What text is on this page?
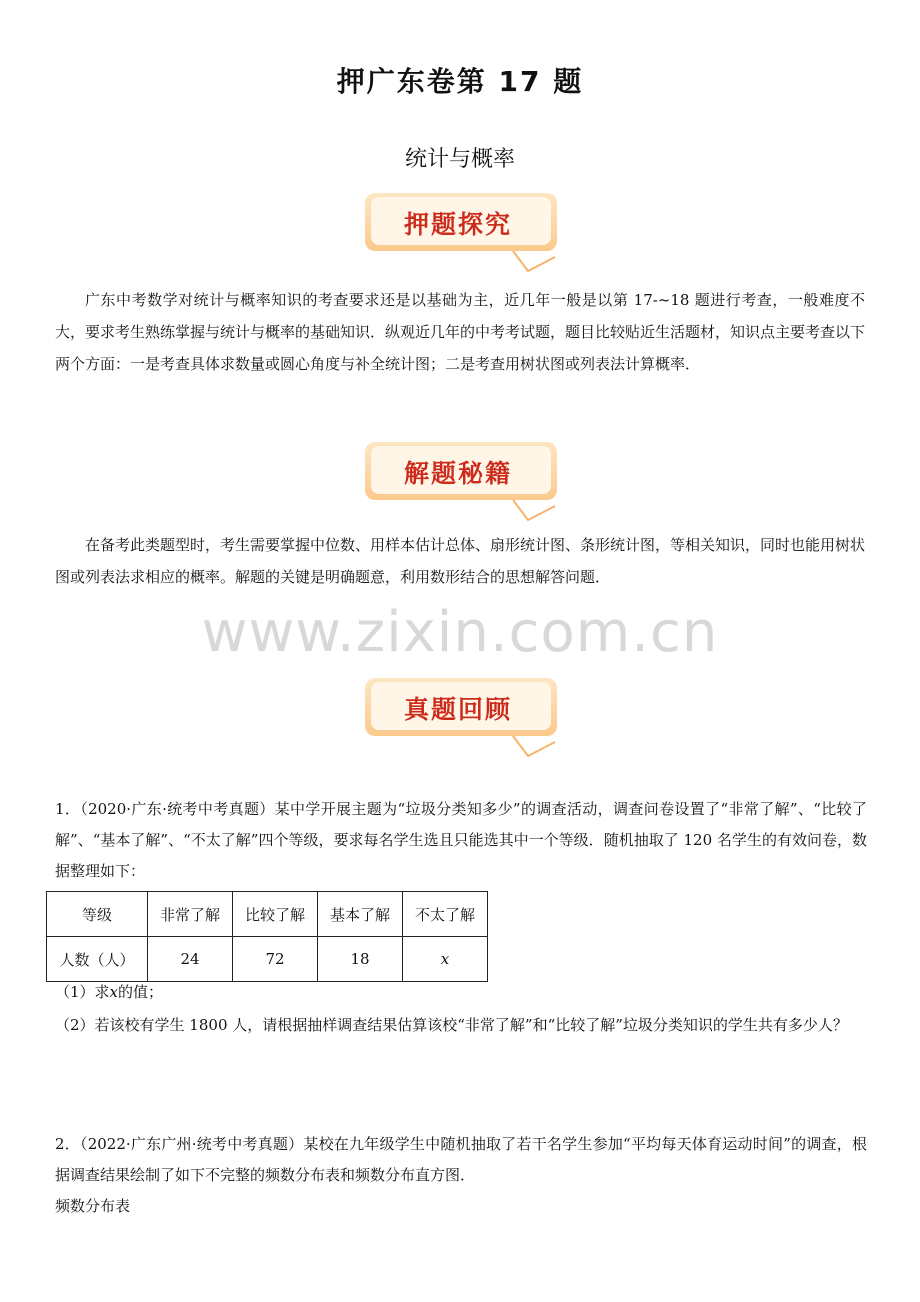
押广东卷第 17 题
统计与概率
押题探究
广东中考数学对统计与概率知识的考查要求还是以基础为主，近几年一般是以第 17-~18 题进行考查，一般难度不大，要求考生熟练掌握与统计与概率的基础知识．纵观近几年的中考考试题，题目比较贴近生活题材，知识点主要考查以下两个方面：一是考查具体求数量或圆心角度与补全统计图；二是考查用树状图或列表法计算概率．
解题秘籍
在备考此类题型时，考生需要掌握中位数、用样本估计总体、扇形统计图、条形统计图，等相关知识，同时也能用树状图或列表法求相应的概率。解题的关键是明确题意，利用数形结合的思想解答问题．
www.zixin.com.cn
真题回顾
1．（2020·广东·统考中考真题）某中学开展主题为“垃圾分类知多少”的调查活动，调查问卷设置了“非常了解”、“比较了解”、“基本了解”、“不太了解”四个等级，要求每名学生选且只能选其中一个等级．随机抽取了 120 名学生的有效问卷，数据整理如下：
等级	非常了解	比较了解	基本了解	不太了解
人数（人）	24	72	18	x
（1）求x的值；
（2）若该校有学生 1800 人，请根据抽样调查结果估算该校“非常了解”和“比较了解”垃圾分类知识的学生共有多少人？
2．（2022·广东广州·统考中考真题）某校在九年级学生中随机抽取了若干名学生参加“平均每天体育运动时间”的调查，根据调查结果绘制了如下不完整的频数分布表和频数分布直方图．
频数分布表
